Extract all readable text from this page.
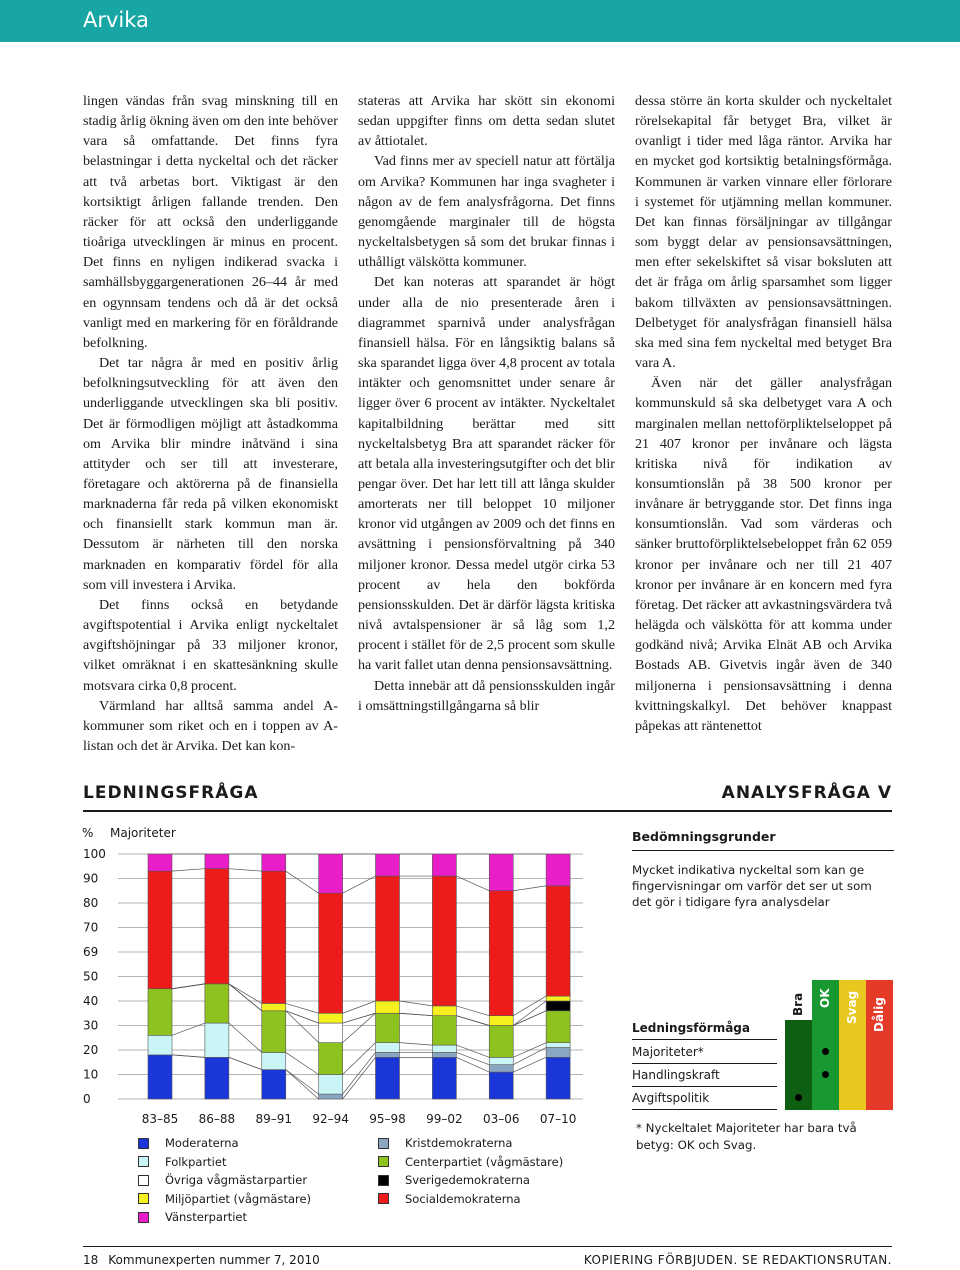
Arvika

lingen vändas från svag minskning till en stadig årlig ökning även om den inte behöver vara så omfattande. Det finns fyra belastningar i detta nyckeltal och det räcker att två arbetas bort. Viktigast är den kortsiktigt årligen fallande trenden. Den räcker för att också den underliggande tioåriga utvecklingen är minus en procent. Det finns en nyligen indikerad svacka i samhällsbyggargenerationen 26–44 år med en ogynnsam tendens och då är det också vanligt med en markering för en föråldrande befolkning.

Det tar några år med en positiv årlig befolkningsutveckling för att även den underliggande utvecklingen ska bli positiv. Det är förmodligen möjligt att åstadkomma om Arvika blir mindre inåtvänd i sina attityder och ser till att investerare, företagare och aktörerna på de finansiella marknaderna får reda på vilken ekonomiskt och finansiellt stark kommun man är. Dessutom är närheten till den norska marknaden en komparativ fördel för alla som vill investera i Arvika.

Det finns också en betydande avgiftspotential i Arvika enligt nyckeltalet avgiftshöjningar på 33 miljoner kronor, vilket omräknat i en skattesänkning skulle motsvara cirka 0,8 procent.

Värmland har alltså samma andel A-kommuner som riket och en i toppen av A-listan och det är Arvika. Det kan kon-

stateras att Arvika har skött sin ekonomi sedan uppgifter finns om detta sedan slutet av åttiotalet.

Vad finns mer av speciell natur att förtälja om Arvika? Kommunen har inga svagheter i någon av de fem analysfrågorna. Det finns genomgående marginaler till de högsta nyckeltalsbetygen så som det brukar finnas i uthålligt välskötta kommuner.

Det kan noteras att sparandet är högt under alla de nio presenterade åren i diagrammet sparnivå under analysfrågan finansiell hälsa. För en långsiktig balans så ska sparandet ligga över 4,8 procent av totala intäkter och genomsnittet under senare år ligger över 6 procent av intäkter. Nyckeltalet kapitalbildning berättar med sitt nyckeltalsbetyg Bra att sparandet räcker för att betala alla investeringsutgifter och det blir pengar över. Det har lett till att långa skulder amorterats ner till beloppet 10 miljoner kronor vid utgången av 2009 och det finns en avsättning i pensionsförvaltning på 340 miljoner kronor. Dessa medel utgör cirka 53 procent av hela den bokförda pensionsskulden. Det är därför lägsta kritiska nivå avtalspensioner är så låg som 1,2 procent i stället för de 2,5 procent som skulle ha varit fallet utan denna pensionsavsättning.

Detta innebär att då pensionsskulden ingår i omsättningstillgångarna så blir

dessa större än korta skulder och nyckeltalet rörelsekapital får betyget Bra, vilket är ovanligt i tider med låga räntor. Arvika har en mycket god kortsiktig betalningsförmåga. Kommunen är varken vinnare eller förlorare i systemet för utjämning mellan kommuner. Det kan finnas försäljningar av tillgångar som byggt delar av pensionsavsättningen, men efter sekelskiftet så visar boksluten att det är fråga om årlig sparsamhet som ligger bakom tillväxten av pensionsavsättningen. Delbetyget för analysfrågan finansiell hälsa ska med sina fem nyckeltal med betyget Bra vara A.

Även när det gäller analysfrågan kommunskuld så ska delbetyget vara A och marginalen mellan nettoförpliktelseloppet på 21 407 kronor per invånare och lägsta kritiska nivå för indikation av konsumtionslån på 38 500 kronor per invånare är betryggande stor. Det finns inga konsumtionslån. Vad som värderas och sänker bruttoförpliktelsebeloppet från 62 059 kronor per invånare och ner till 21 407 kronor per invånare är en koncern med fyra företag. Det räcker att avkastningsvärdera två helägda och välskötta för att komma under godkänd nivå; Arvika Elnät AB och Arvika Bostads AB. Givetvis ingår även de 340 miljonerna i pensionsavsättning i denna kvittningskalkyl. Det behöver knappast påpekas att räntenettot

LEDNINGSFRÅGA	ANALYSFRÅGA V
% Majoriteter
0
10
20
30
40
50
69
70
80
90
100
83–85 86–88 89–91 92–94 95–98 99–02 03–06 07–10
Moderaterna
Folkpartiet
Övriga vågmästarpartier
Miljöpartiet (vågmästare)
Vänsterpartiet
Kristdemokraterna
Centerpartiet (vågmästare)
Sverigedemokraterna
Socialdemokraterna
Bedömningsgrunder
Mycket indikativa nyckeltal som kan ge fingervisningar om varför det ser ut som det gör i tidigare fyra analysdelar
Bra OK Svag Dålig
Ledningsförmåga
Majoriteter*
Handlingskraft
Avgiftspolitik
* Nyckeltalet Majoriteter har bara två betyg: OK och Svag.
18 Kommunexperten nummer 7, 2010	KOPIERING FÖRBJUDEN. SE REDAKTIONSRUTAN.
